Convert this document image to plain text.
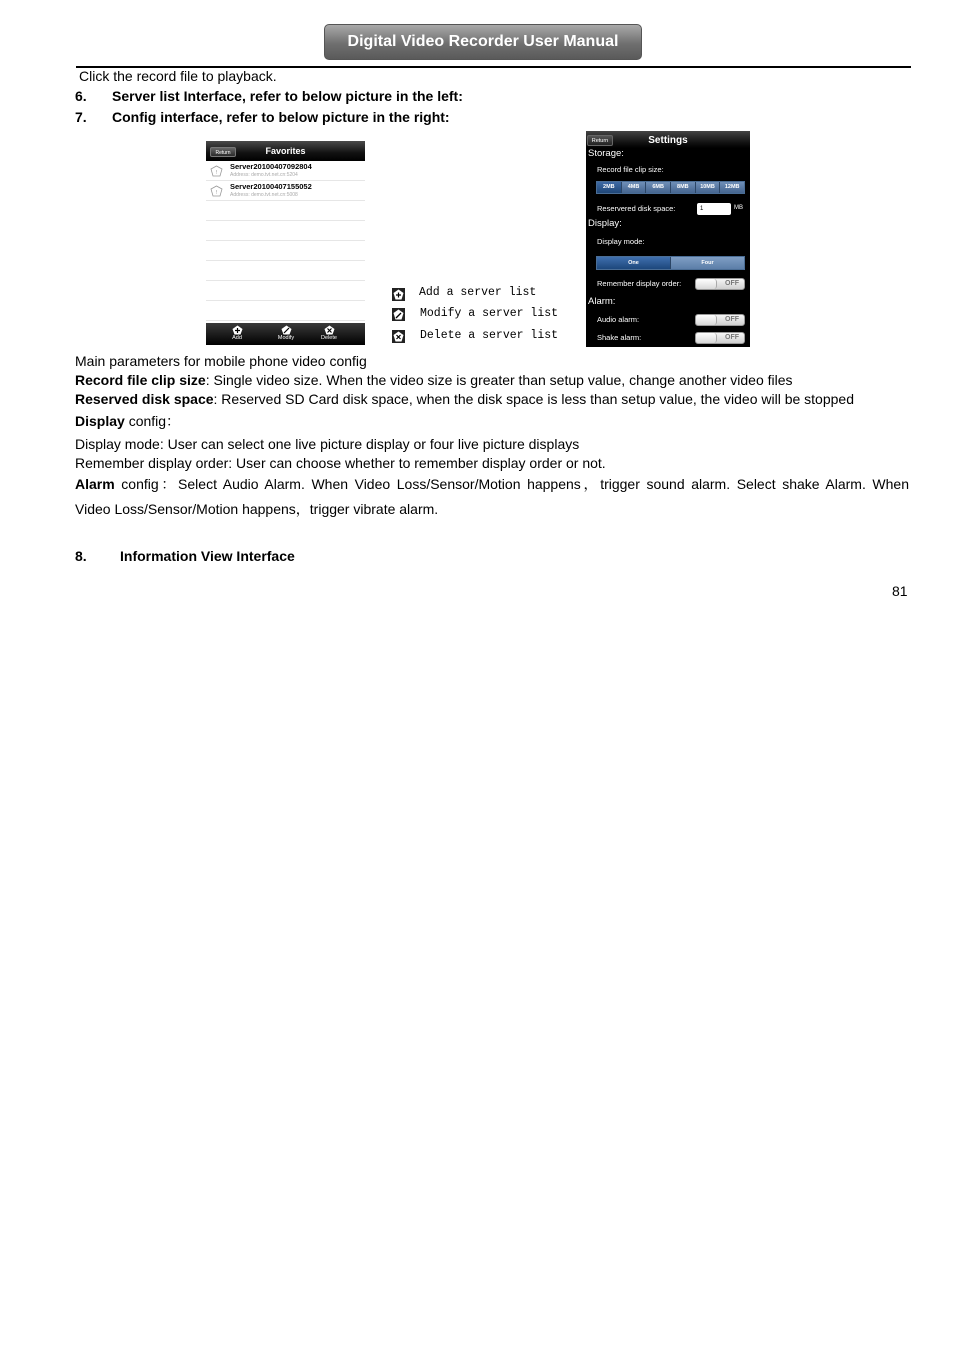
Digital Video Recorder User Manual
Click the record file to playback.
6. Server list Interface, refer to below picture in the left:
7. Config interface, refer to below picture in the right:
Favorites
Return
!
Server20100407092804
Address: demo.tvt.net.cn:5204
!
Server20100407155052
Address: demo.tvt.net.cn:5008
Add	Modify	Delete
Add a server list
Modify a server list
Delete a server list
Settings
Return
Storage:
Record file clip size:
2MB	4MB	6MB	8MB	10MB	12MB
Reservered disk space:	1	MB
Display:
Display mode:
One	Four
Remember display order:	OFF
Alarm:
Audio alarm:	OFF
Shake alarm:	OFF
Main parameters for mobile phone video config
Record file clip size: Single video size. When the video size is greater than setup value, change another video files
Reserved disk space: Reserved SD Card disk space, when the disk space is less than setup value, the video will be stopped
Display config：
Display mode: User can select one live picture display or four live picture displays
Remember display order: User can choose whether to remember display order or not.
Alarm config：Select Audio Alarm. When Video Loss/Sensor/Motion happens，trigger sound alarm. Select shake Alarm. When
Video Loss/Sensor/Motion happens，trigger vibrate alarm.
8. Information View Interface
81
